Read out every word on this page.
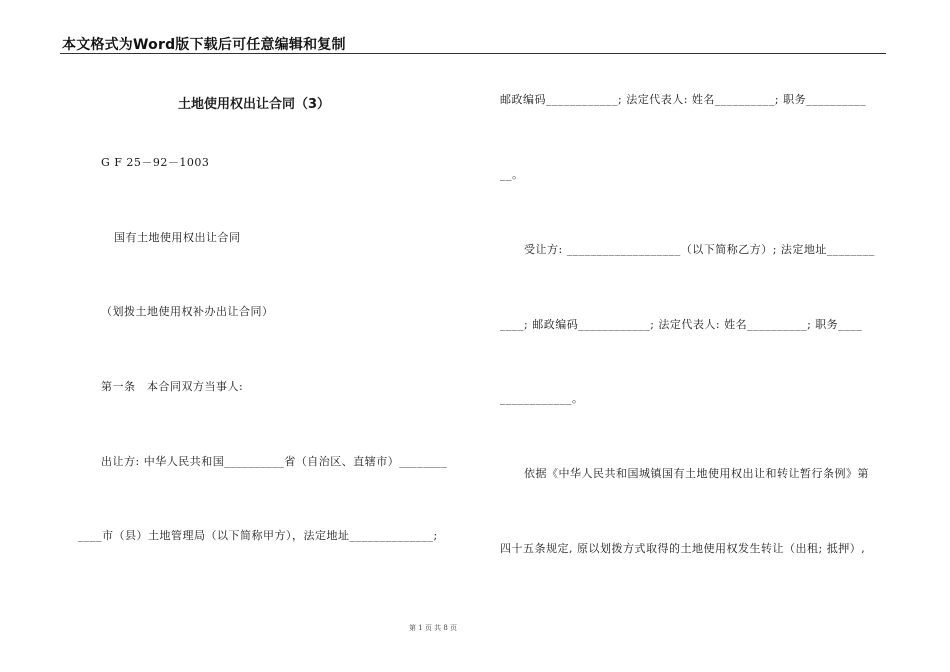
本文格式为Word版下载后可任意编辑和复制
土地使用权出让合同（3）
G F 25－92－1003
国有土地使用权出让合同
（划拨土地使用权补办出让合同）
第一条　本合同双方当事人:
出让方: 中华人民共和国__________省（自治区、直辖市）________
____市（县）土地管理局（以下简称甲方），法定地址______________;
邮政编码____________; 法定代表人: 姓名__________; 职务__________
__。
受让方: ___________________（以下简称乙方）; 法定地址________
____; 邮政编码____________; 法定代表人: 姓名__________; 职务____
____________。
依据《中华人民共和国城镇国有土地使用权出让和转让暂行条例》第
四十五条规定, 原以划拨方式取得的土地使用权发生转让（出租; 抵押）,
第 1 页 共 8 页
